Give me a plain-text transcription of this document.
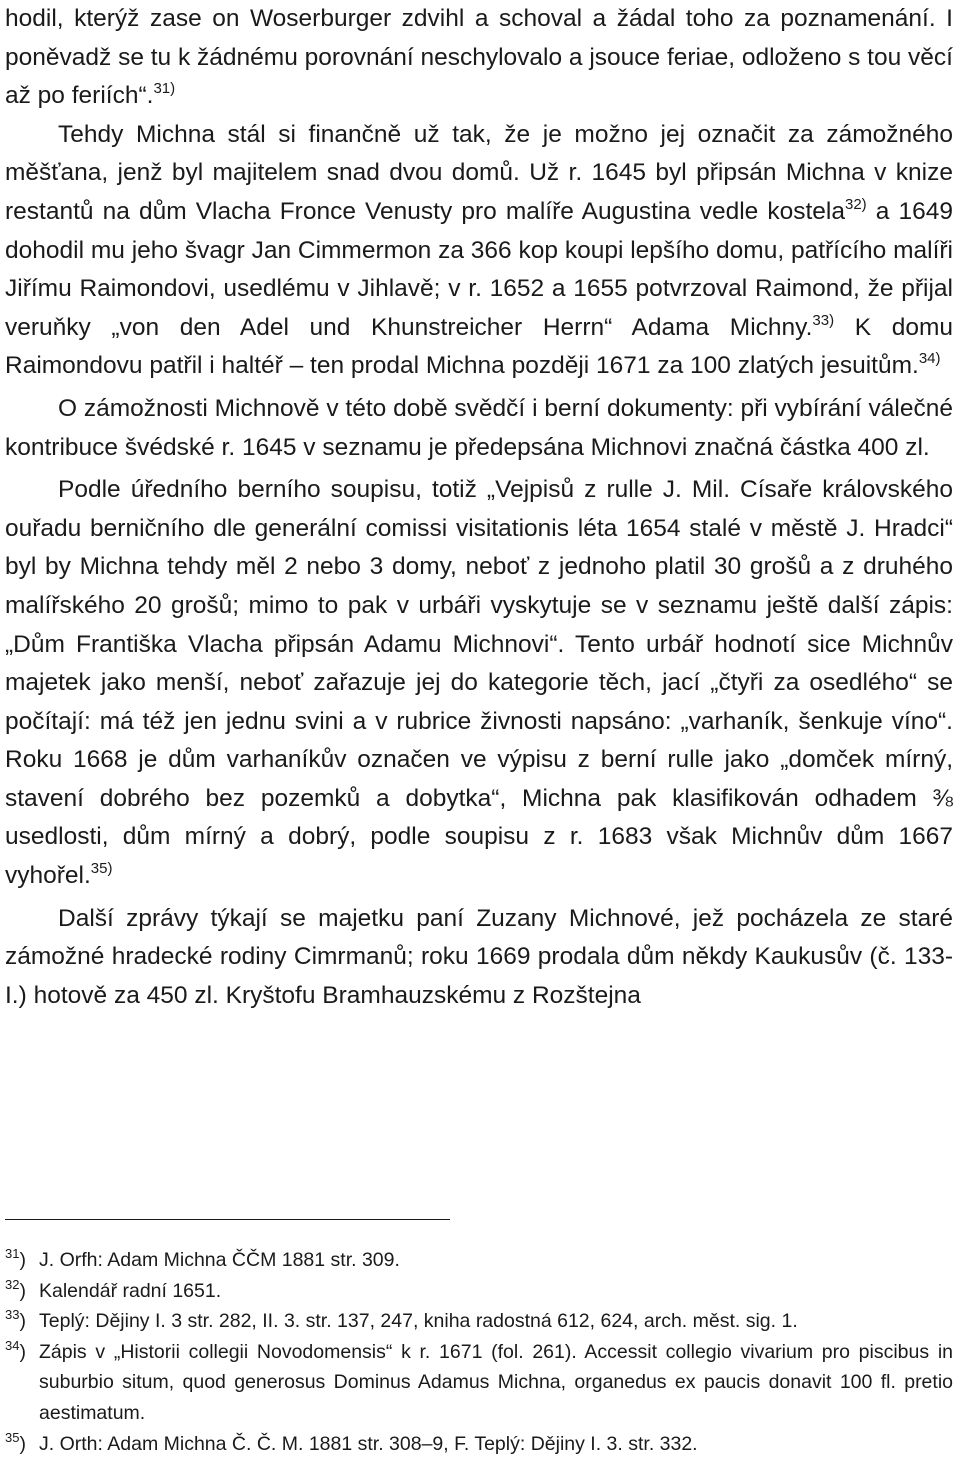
hodil, kterýž zase on Woserburger zdvihl a schoval a žádal toho za poznamenání. I poněvadž se tu k žádnému porovnání neschylovalo a jsouce feriae, odloženo s tou věcí až po feriích“.$^{31)}$

Tehdy Michna stál si finančně už tak, že je možno jej označit za zámožného měšťana, jenž byl majitelem snad dvou domů. Už r. 1645 byl připsán Michna v knize restantů na dům Vlacha Fronce Venusty pro malíře Augustina vedle kostela$^{32)}$ a 1649 dohodil mu jeho švagr Jan Cimmermon za 366 kop koupi lepšího domu, patřícího malíři Jiřímu Raimondovi, usedlému v Jihlavě; v r. 1652 a 1655 potvrzoval Raimond, že přijal veruňky „von den Adel und Khunstreicher Herrn“ Adama Michny.$^{33)}$ K domu Raimondovu patřil i haltéř – ten prodal Michna později 1671 za 100 zlatých jesuitům.$^{34)}$

O zámožnosti Michnově v této době svědčí i berní dokumenty: při vybírání válečné kontribuce švédské r. 1645 v seznamu je předepsána Michnovi značná částka 400 zl.

Podle úředního berního soupisu, totiž „Vejpisů z rulle J. Mil. Císaře královského ouřadu berničního dle generální comissi visitationis léta 1654 stalé v městě J. Hradci“ byl by Michna tehdy měl 2 nebo 3 domy, neboť z jednoho platil 30 grošů a z druhého malířského 20 grošů; mimo to pak v urbáři vyskytuje se v seznamu ještě další zápis: „Dům Františka Vlacha připsán Adamu Michnovi“. Tento urbář hodnotí sice Michnův majetek jako menší, neboť zařazuje jej do kategorie těch, jací „čtyři za osedlého“ se počítají: má též jen jednu svini a v rubrice živnosti napsáno: „varhaník, šenkuje víno“. Roku 1668 je dům varhaníkův označen ve výpisu z berní rulle jako „domček mírný, stavení dobrého bez pozemků a dobytka“, Michna pak klasifikován odhadem ⅜ usedlosti, dům mírný a dobrý, podle soupisu z r. 1683 však Michnův dům 1667 vyhořel.$^{35)}$

Další zprávy týkají se majetku paní Zuzany Michnové, jež pocházela ze staré zámožné hradecké rodiny Cimrmanů; roku 1669 prodala dům někdy Kaukusův (č. 133-I.) hotově za 450 zl. Kryštofu Bramhauzskému z Rozštejna

$^{31}$) J. Orfh: Adam Michna ČČM 1881 str. 309.
$^{32}$) Kalendář radní 1651.
$^{33}$) Teplý: Dějiny I. 3 str. 282, II. 3. str. 137, 247, kniha radostná 612, 624, arch. měst. sig. 1.
$^{34}$) Zápis v „Historii collegii Novodomensis“ k r. 1671 (fol. 261). Accessit collegio vivarium pro piscibus in suburbio situm, quod generosus Dominus Adamus Michna, organedus ex paucis donavit 100 fl. pretio aestimatum.
$^{35}$) J. Orth: Adam Michna Č. Č. M. 1881 str. 308–9, F. Teplý: Dějiny I. 3. str. 332.
